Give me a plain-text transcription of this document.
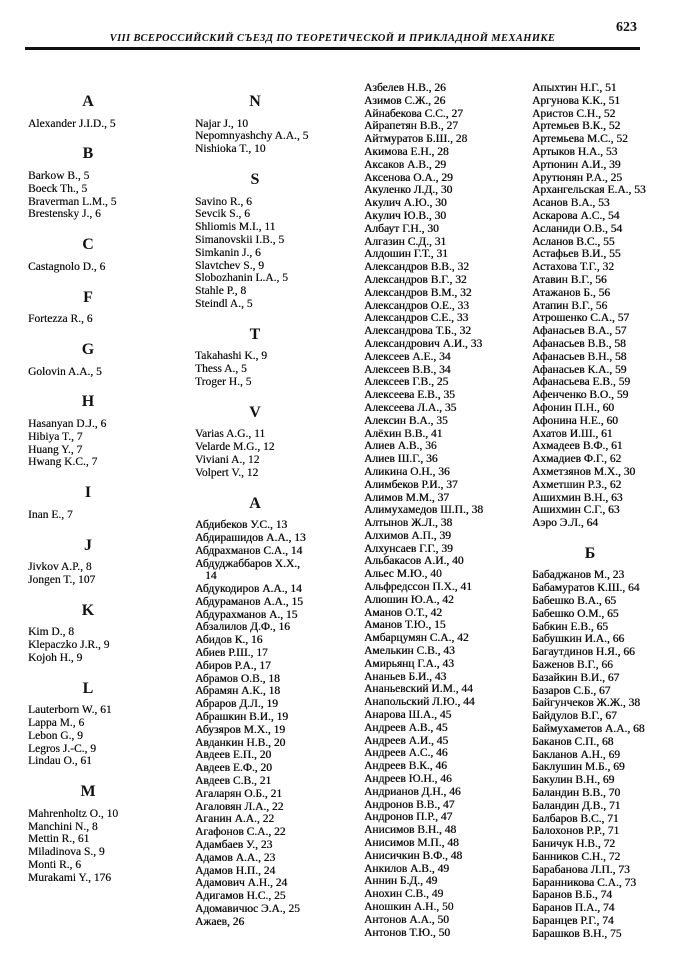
623
VIII ВСЕРОССИЙСКИЙ СЪЕЗД ПО ТЕОРЕТИЧЕСКОЙ И ПРИКЛАДНОЙ МЕХАНИКЕ
A
Alexander J.I.D., 5
B
Barkow B., 5
Boeck Th., 5
Braverman L.M., 5
Brestensky J., 6
C
Castagnolo D., 6
F
Fortezza R., 6
G
Golovin A.A., 5
H
Hasanyan D.J., 6
Hibiya T., 7
Huang Y., 7
Hwang K.C., 7
I
Inan E., 7
J
Jivkov A.P., 8
Jongen T., 107
K
Kim D., 8
Klepaczko J.R., 9
Kojoh H., 9
L
Lauterborn W., 61
Lappa M., 6
Lebon G., 9
Legros J.-C., 9
Lindau O., 61
M
Mahrenholtz O., 10
Manchini N., 8
Mettin R., 61
Miladinova S., 9
Monti R., 6
Murakami Y., 176
N
Najar J., 10
Nepomnyashchy A.A., 5
Nishioka T., 10
S
Savino R., 6
Sevcik S., 6
Shliomis M.I., 11
Simanovskii I.B., 5
Simkanin J., 6
Slavtchev S., 9
Slobozhanin L.A., 5
Stahle P., 8
Steindl A., 5
T
Takahashi K., 9
Thess A., 5
Troger H., 5
V
Varias A.G., 11
Velarde M.G., 12
Viviani A., 12
Volpert V., 12
А
Абдибеков У.С., 13
Абдирашидов А.А., 13
Абдрахманов С.А., 14
Абдуджаббаров Х.Х.,
14
Абдукодиров А.А., 14
Абдураманов А.А., 15
Абдурахманов А., 15
Абзалилов Д.Ф., 16
Абидов К., 16
Абиев Р.Ш., 17
Абиров Р.А., 17
Абрамов О.В., 18
Абрамян А.К., 18
Абраров Д.Л., 19
Абрашкин В.И., 19
Абузяров М.Х., 19
Авданкин Н.В., 20
Авдеев Е.П., 20
Авдеев Е.Ф., 20
Авдеев С.В., 21
Агаларян О.Б., 21
Агаловян Л.А., 22
Аганин А.А., 22
Агафонов С.А., 22
Адамбаев У., 23
Адамов А.А., 23
Адамов Н.П., 24
Адамович А.Н., 24
Адигамов Н.С., 25
Адомавичюс Э.А., 25
Ажаев, 26
Азбелев Н.В., 26
Азимов С.Ж., 26
Айнабекова С.С., 27
Айрапетян В.В., 27
Айтмуратов Б.Ш., 28
Акимова Е.Н., 28
Аксаков А.В., 29
Аксенова О.А., 29
Акуленко Л.Д., 30
Акулич А.Ю., 30
Акулич Ю.В., 30
Албаут Г.Н., 30
Алгазин С.Д., 31
Алдошин Г.Т., 31
Александров В.В., 32
Александров В.Г., 32
Александров В.М., 32
Александров О.Е., 33
Александров С.Е., 33
Александрова Т.Б., 32
Александрович А.И., 33
Алексеев А.Е., 34
Алексеев В.В., 34
Алексеев Г.В., 25
Алексеева Е.В., 35
Алексеева Л.А., 35
Алексин В.А., 35
Алёхин В.В., 41
Алиев А.В., 36
Алиев Ш.Г., 36
Аликина О.Н., 36
Алимбеков Р.И., 37
Алимов М.М., 37
Алимухамедов Ш.П., 38
Алтынов Ж.Л., 38
Алхимов А.П., 39
Алхунсаев Г.Г., 39
Альбакасов А.И., 40
Альес М.Ю., 40
Альфредссон П.Х., 41
Алюшин Ю.А., 42
Аманов О.Т., 42
Аманов Т.Ю., 15
Амбарцумян С.А., 42
Амелькин С.В., 43
Амирьянц Г.А., 43
Ананьев Б.И., 43
Ананьевский И.М., 44
Анапольский Л.Ю., 44
Анарова Ш.А., 45
Андреев А.В., 45
Андреев А.И., 45
Андреев А.С., 46
Андреев В.К., 46
Андреев Ю.Н., 46
Андрианов Д.Н., 46
Андронов В.В., 47
Андронов П.Р., 47
Анисимов В.Н., 48
Анисимов М.П., 48
Анисичкин В.Ф., 48
Анкилов А.В., 49
Аннин Б.Д., 49
Анохин С.В., 49
Аношкин А.Н., 50
Антонов А.А., 50
Антонов Т.Ю., 50
Апыхтин Н.Г., 51
Аргунова К.К., 51
Аристов С.Н., 52
Артемьев В.К., 52
Артемьева М.С., 52
Артыков Н.А., 53
Артюнин А.И., 39
Арутюнян Р.А., 25
Архангельская Е.А., 53
Асанов В.А., 53
Аскарова А.С., 54
Асланиди О.В., 54
Асланов В.С., 55
Астафьев В.И., 55
Астахова Т.Г., 32
Атавин В.Г., 56
Атажанов Б., 56
Атапин В.Г., 56
Атрошенко С.А., 57
Афанасьев В.А., 57
Афанасьев В.В., 58
Афанасьев В.Н., 58
Афанасьев К.А., 59
Афанасьева Е.В., 59
Афенченко В.О., 59
Афонин П.Н., 60
Афонина Н.Е., 60
Ахатов И.Ш., 61
Ахмадеев В.Ф., 61
Ахмадиев Ф.Г., 62
Ахметзянов М.Х., 30
Ахметшин Р.З., 62
Ашихмин В.Н., 63
Ашихмин С.Г., 63
Аэро Э.Л., 64
Б
Бабаджанов М., 23
Бабамуратов К.Ш., 64
Бабешко В.А., 65
Бабешко О.М., 65
Бабкин Е.В., 65
Бабушкин И.А., 66
Багаутдинов Н.Я., 66
Баженов В.Г., 66
Базайкин В.И., 67
Базаров С.Б., 67
Байгунчеков Ж.Ж., 38
Байдулов В.Г., 67
Баймухаметов А.А., 68
Баканов С.П., 68
Бакланов А.Н., 69
Баклушин М.Б., 69
Бакулин В.Н., 69
Баландин В.В., 70
Баландин Д.В., 71
Балбаров В.С., 71
Балохонов Р.Р., 71
Баничук Н.В., 72
Банников С.Н., 72
Барабанова Л.П., 73
Баранникова С.А., 73
Баранов В.Б., 74
Баранов П.А., 74
Баранцев Р.Г., 74
Барашков В.Н., 75
